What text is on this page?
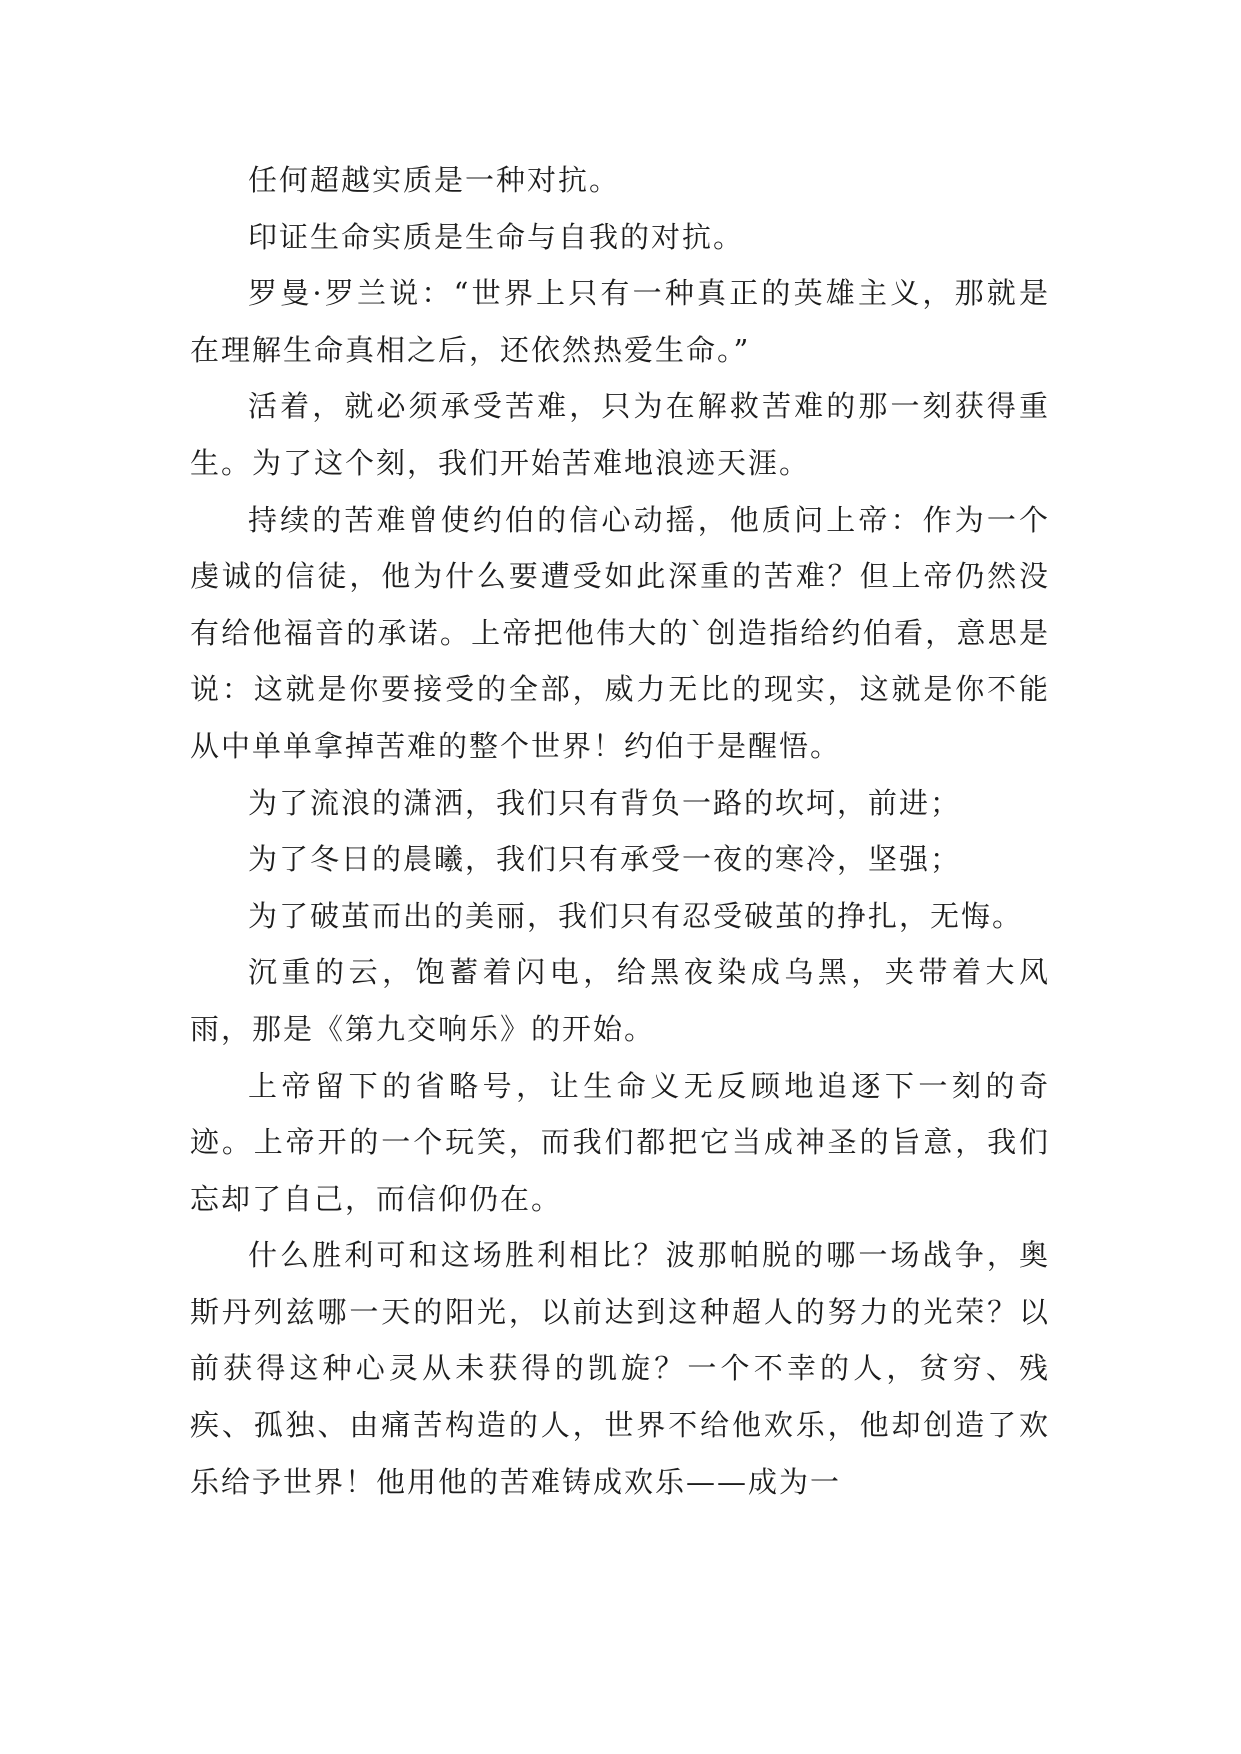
任何超越实质是一种对抗。

印证生命实质是生命与自我的对抗。

罗曼·罗兰说：“世界上只有一种真正的英雄主义，那就是在理解生命真相之后，还依然热爱生命。”

活着，就必须承受苦难，只为在解救苦难的那一刻获得重生。为了这个刻，我们开始苦难地浪迹天涯。

持续的苦难曾使约伯的信心动摇，他质问上帝：作为一个虔诚的信徒，他为什么要遭受如此深重的苦难？但上帝仍然没有给他福音的承诺。上帝把他伟大的`创造指给约伯看，意思是说：这就是你要接受的全部，威力无比的现实，这就是你不能从中单单拿掉苦难的整个世界！约伯于是醒悟。

为了流浪的潇洒，我们只有背负一路的坎坷，前进；

为了冬日的晨曦，我们只有承受一夜的寒冷，坚强；

为了破茧而出的美丽，我们只有忍受破茧的挣扎，无悔。

沉重的云，饱蓄着闪电，给黑夜染成乌黑，夹带着大风雨，那是《第九交响乐》的开始。

上帝留下的省略号，让生命义无反顾地追逐下一刻的奇迹。上帝开的一个玩笑，而我们都把它当成神圣的旨意，我们忘却了自己，而信仰仍在。

什么胜利可和这场胜利相比？波那帕脱的哪一场战争，奥斯丹列兹哪一天的阳光，以前达到这种超人的努力的光荣？以前获得这种心灵从未获得的凯旋？一个不幸的人，贫穷、残疾、孤独、由痛苦构造的人，世界不给他欢乐，他却创造了欢乐给予世界！他用他的苦难铸成欢乐——成为一
